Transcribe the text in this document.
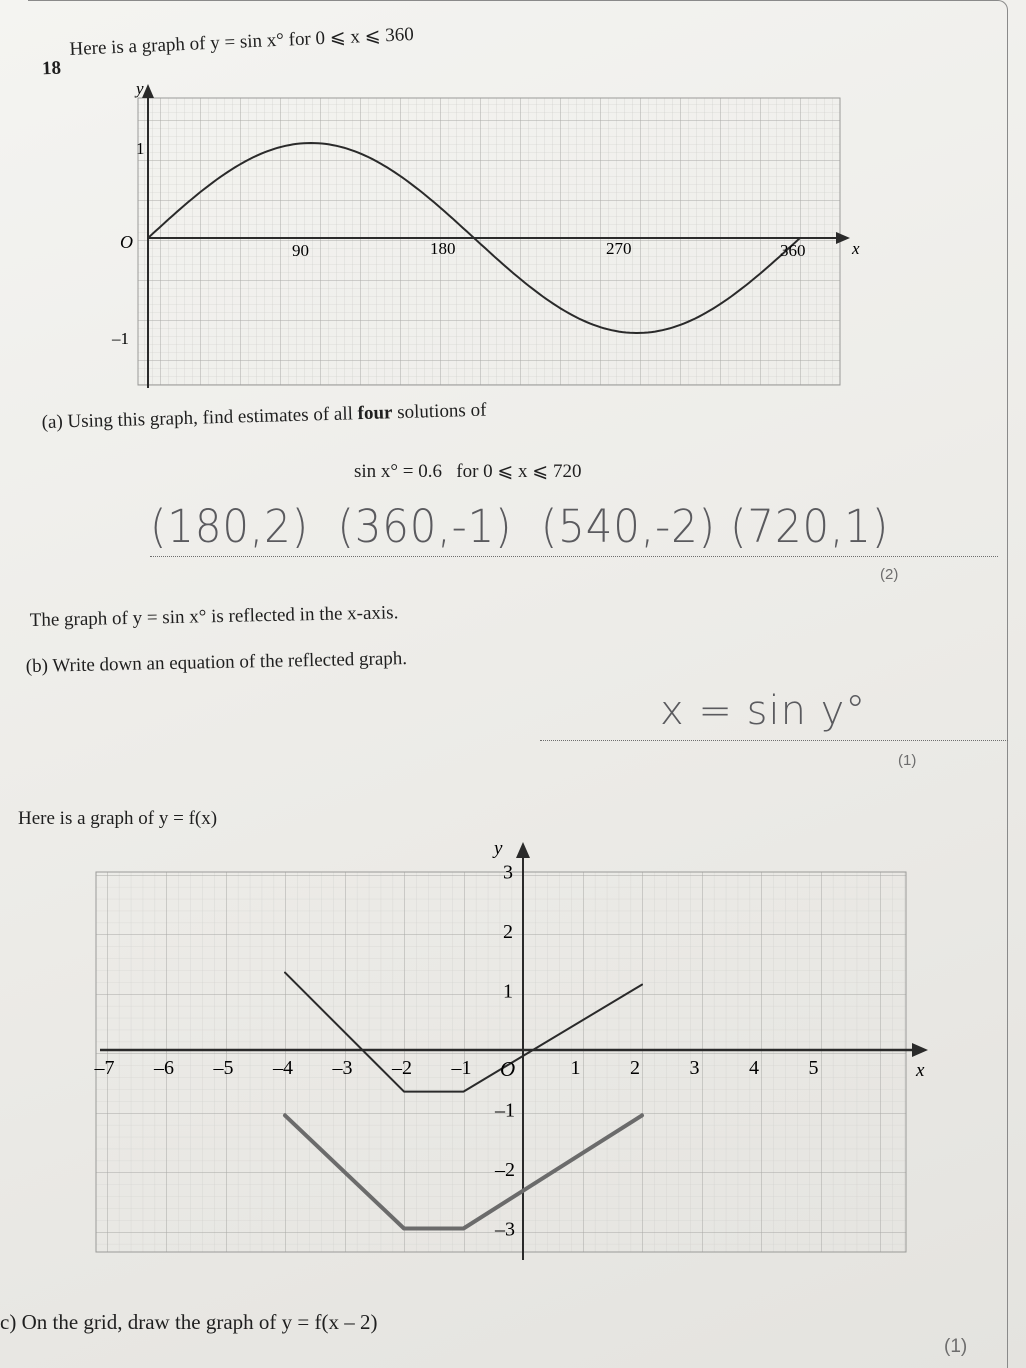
18
Here is a graph of y = sin x° for 0 ⩽ x ⩽ 360
y
x
O
1
–1
90	180	270	360
(a) Using this graph, find estimates of all four solutions of
sin x° = 0.6   for 0 ⩽ x ⩽ 720
(180,2)  (360,-1)  (540,-2) (720,1)
(2)
The graph of y = sin x° is reflected in the x-axis.
(b) Write down an equation of the reflected graph.
x = sin y°
(1)
Here is a graph of y = f(x)
–7 –6 –5 –4 –3 –2 –1	1 2 3 4 5
3
2
1
–1
–2
–3
y
x
O
c) On the grid, draw the graph of y = f(x – 2)
(1)
